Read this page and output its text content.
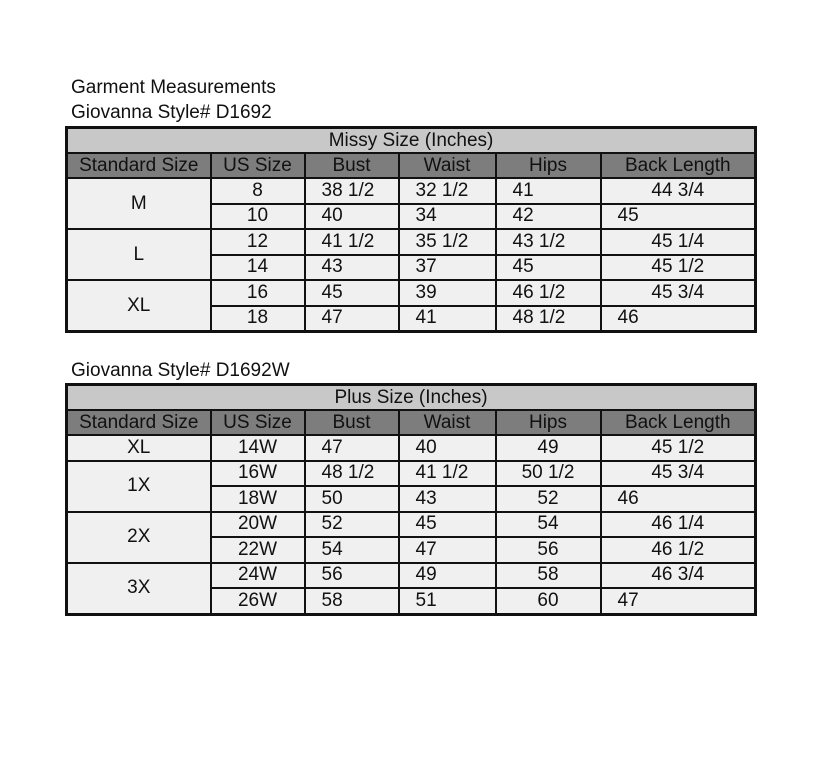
Garment Measurements
Giovanna Style# D1692
Missy Size (Inches)					
Standard Size	US Size	Bust	Waist	Hips	Back Length
M	8	38 1/2	32 1/2	41	44 3/4
	10	40	34	42	45
L	12	41 1/2	35 1/2	43 1/2	45 1/4
	14	43	37	45	45 1/2
XL	16	45	39	46 1/2	45 3/4
	18	47	41	48 1/2	46
Giovanna Style# D1692W
Plus Size (Inches)					
Standard Size	US Size	Bust	Waist	Hips	Back Length
XL	14W	47	40	49	45 1/2
1X	16W	48 1/2	41 1/2	50 1/2	45 3/4
	18W	50	43	52	46
2X	20W	52	45	54	46 1/4
	22W	54	47	56	46 1/2
3X	24W	56	49	58	46 3/4
	26W	58	51	60	47
